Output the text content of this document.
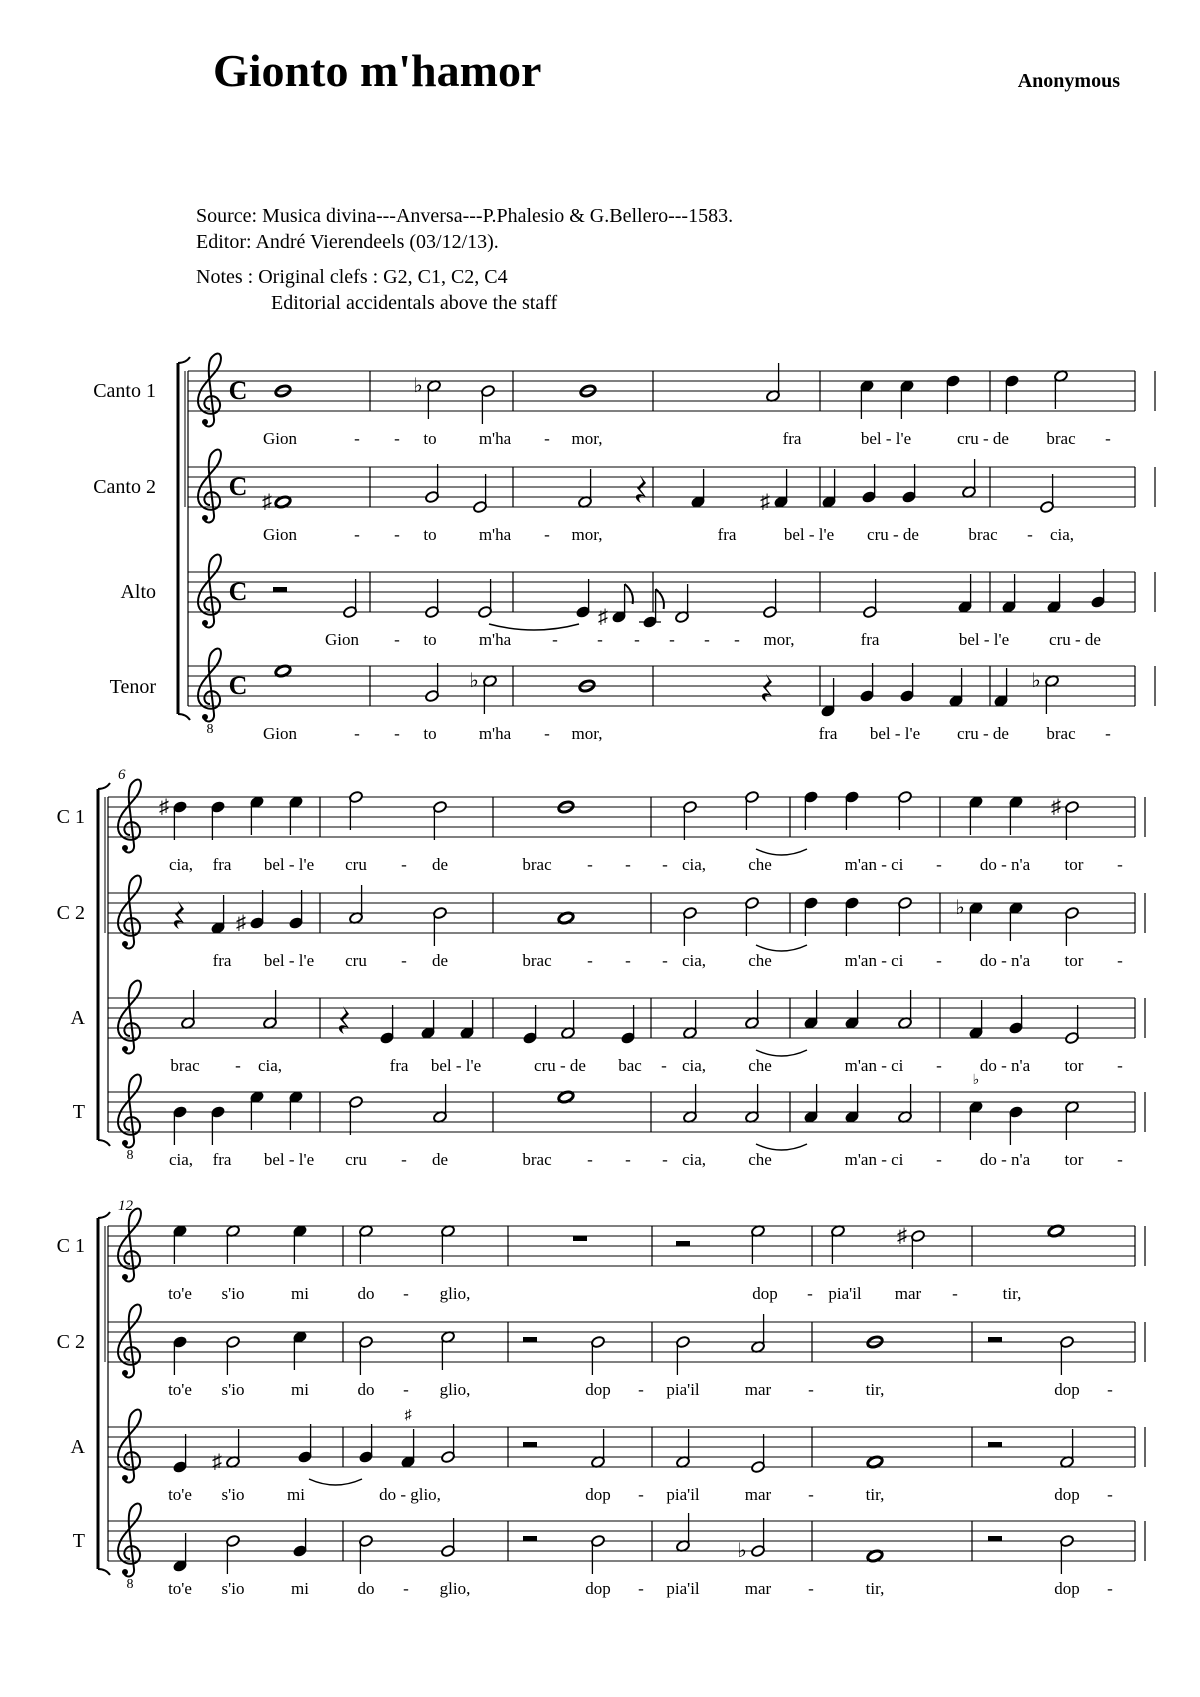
Gionto m'hamor	Anonymous
Source: Musica divina---Anversa---P.Phalesio & G.Bellero---1583.
Editor: André Vierendeels (03/12/13).
Notes : Original clefs : G2, C1, C2, C4
Editorial accidentals above the staff
Canto 1
Canto 2
Alto
Tenor
C 1
C 2
A
T
C 1
C 2
A
T
6
12
C	♭
Gion	- - to m'ha - mor,	fra	bel - l'e	cru - de brac -
C
♯	♯
Gion	- - to m'ha - mor,	fra	bel - l'e cru - de	brac - cia,
C
♯
Gion - to m'ha - - - - - - mor,	fra	bel - l'e cru - de
8
C	♭	♭
Gion	- - to m'ha - mor,	fra bel - l'e cru - de brac -
♯	♯
cia, fra bel - l'e cru - de	brac - - - cia, che	m'an - ci - do - n'a tor -
♯
♭
fra bel - l'e cru - de	brac - - - cia, che	m'an - ci - do - n'a tor -
brac - cia,	fra bel - l'e	cru - de bac - cia, che	m'an - ci - do - n'a tor -
8
♭
cia, fra bel - l'e cru - de	brac - - - cia, che	m'an - ci - do - n'a tor -
♯
to'e s'io	mi	do - glio,	dop - pia'il mar -	tir,
to'e s'io	mi	do - glio,	dop - pia'il	mar -	tir,	dop -
♯
♯
to'e s'io	mi	do - glio,	dop - pia'il	mar -	tir,	dop -
8
♭
to'e s'io	mi	do - glio,	dop - pia'il	mar -	tir,	dop -
